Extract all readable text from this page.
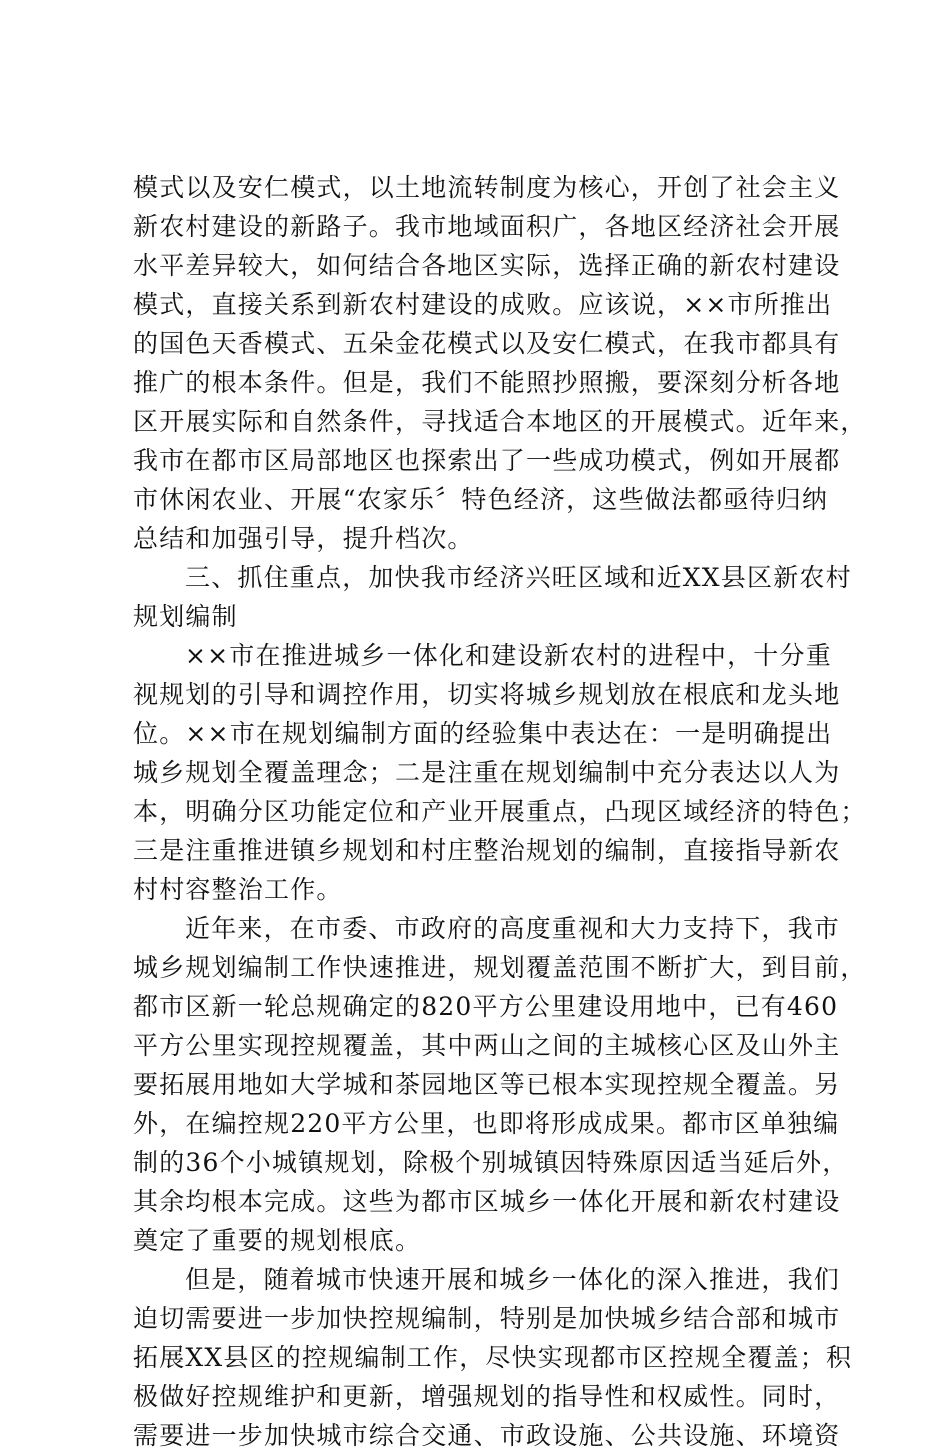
模式以及安仁模式，以土地流转制度为核心，开创了社会主义
新农村建设的新路子。我市地域面积广，各地区经济社会开展
水平差异较大，如何结合各地区实际，选择正确的新农村建设
模式，直接关系到新农村建设的成败。应该说，××市所推出
的国色天香模式、五朵金花模式以及安仁模式，在我市都具有
推广的根本条件。但是，我们不能照抄照搬，要深刻分析各地
区开展实际和自然条件，寻找适合本地区的开展模式。近年来，
我市在都市区局部地区也探索出了一些成功模式，例如开展都
市休闲农业、开展“农家乐〞特色经济，这些做法都亟待归纳
总结和加强引导，提升档次。
三、抓住重点，加快我市经济兴旺区域和近XX县区新农村
规划编制
××市在推进城乡一体化和建设新农村的进程中，十分重
视规划的引导和调控作用，切实将城乡规划放在根底和龙头地
位。××市在规划编制方面的经验集中表达在：一是明确提出
城乡规划全覆盖理念；二是注重在规划编制中充分表达以人为
本，明确分区功能定位和产业开展重点，凸现区域经济的特色；
三是注重推进镇乡规划和村庄整治规划的编制，直接指导新农
村村容整治工作。
近年来，在市委、市政府的高度重视和大力支持下，我市
城乡规划编制工作快速推进，规划覆盖范围不断扩大，到目前，
都市区新一轮总规确定的820平方公里建设用地中，已有460
平方公里实现控规覆盖，其中两山之间的主城核心区及山外主
要拓展用地如大学城和茶园地区等已根本实现控规全覆盖。另
外，在编控规220平方公里，也即将形成成果。都市区单独编
制的36个小城镇规划，除极个别城镇因特殊原因适当延后外，
其余均根本完成。这些为都市区城乡一体化开展和新农村建设
奠定了重要的规划根底。
但是，随着城市快速开展和城乡一体化的深入推进，我们
迫切需要进一步加快控规编制，特别是加快城乡结合部和城市
拓展XX县区的控规编制工作，尽快实现都市区控规全覆盖；积
极做好控规维护和更新，增强规划的指导性和权威性。同时，
需要进一步加快城市综合交通、市政设施、公共设施、环境资
